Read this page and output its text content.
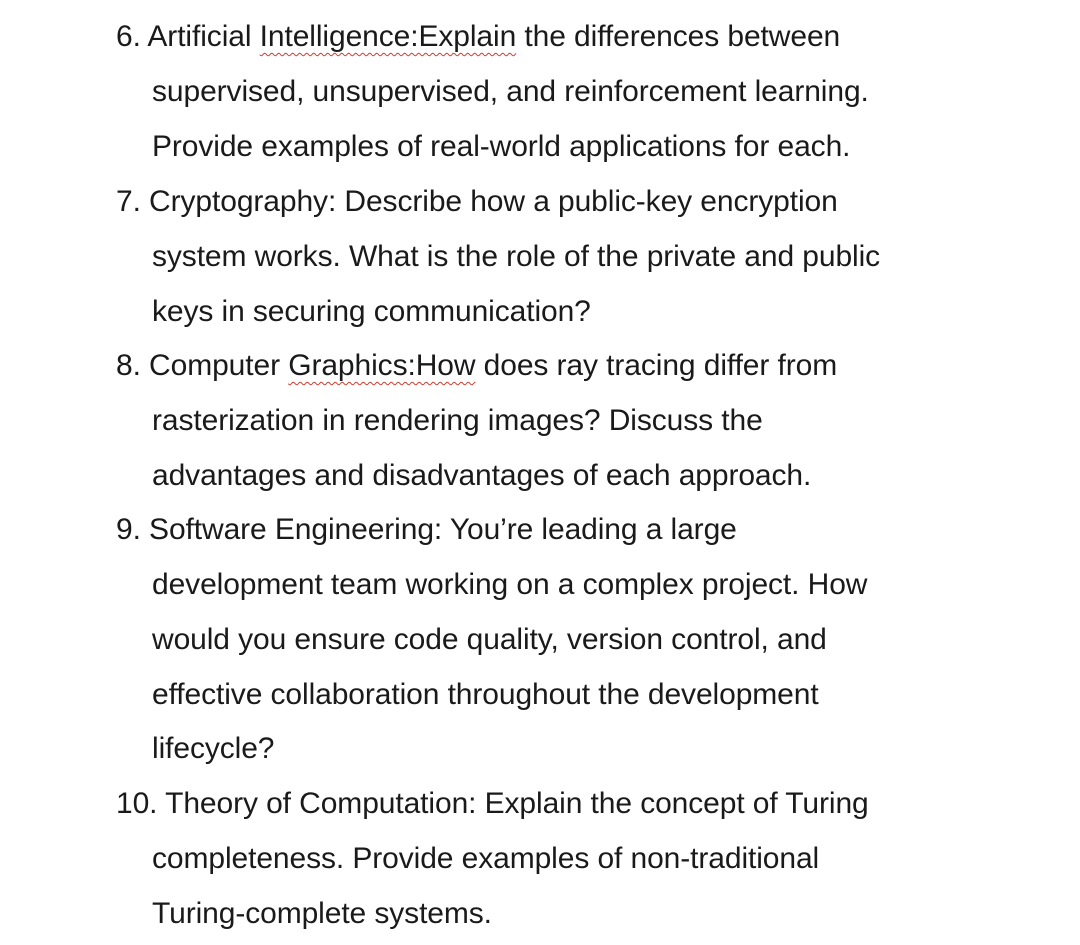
6. Artificial Intelligence:Explain the differences between
supervised, unsupervised, and reinforcement learning.
Provide examples of real-world applications for each.
7. Cryptography: Describe how a public-key encryption
system works. What is the role of the private and public
keys in securing communication?
8. Computer Graphics:How does ray tracing differ from
rasterization in rendering images? Discuss the
advantages and disadvantages of each approach.
9. Software Engineering: You’re leading a large
development team working on a complex project. How
would you ensure code quality, version control, and
effective collaboration throughout the development
lifecycle?
10. Theory of Computation: Explain the concept of Turing
completeness. Provide examples of non-traditional
Turing-complete systems.
